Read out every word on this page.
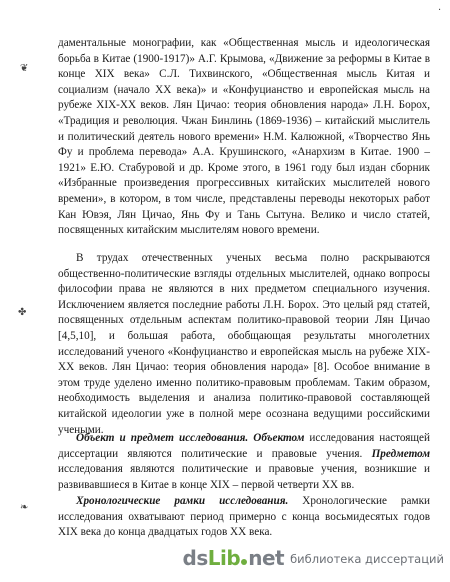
·
❦
✤
❧

даментальные монографии, как «Общественная мысль и идеологическая борьба в Китае (1900-1917)» А.Г. Крымова, «Движение за реформы в Китае в конце XIX века» С.Л. Тихвинского, «Общественная мысль Китая и социализм (начало XX века)» и «Конфуцианство и европейская мысль на рубеже XIX-XX веков. Лян Цичао: теория обновления народа» Л.Н. Борох, «Традиция и революция. Чжан Бинлинь (1869-1936) – китайский мыслитель и политический деятель нового времени» Н.М. Калюжной, «Творчество Янь Фу и проблема перевода» А.А. Крушинского, «Анархизм в Китае. 1900 – 1921» Е.Ю. Стабуровой и др. Кроме этого, в 1961 году был издан сборник «Избранные произведения прогрессивных китайских мыслителей нового времени», в котором, в том числе, представлены переводы некоторых работ Кан Ювэя, Лян Цичао, Янь Фу и Тань Сытуна. Велико и число статей, посвященных китайским мыслителям нового времени.

В трудах отечественных ученых весьма полно раскрываются общественно-политические взгляды отдельных мыслителей, однако вопросы философии права не являются в них предметом специального изучения. Исключением является последние работы Л.Н. Борох. Это целый ряд статей, посвященных отдельным аспектам политико-правовой теории Лян Цичао [4,5,10], и большая работа, обобщающая результаты многолетних исследований ученого «Конфуцианство и европейская мысль на рубеже XIX-XX веков. Лян Цичао: теория обновления народа» [8]. Особое внимание в этом труде уделено именно политико-правовым проблемам. Таким образом, необходимость выделения и анализа политико-правовой составляющей китайской идеологии уже в полной мере осознана ведущими российскими учеными.

Объект и предмет исследования. Объектом исследования настоящей диссертации являются политические и правовые учения. Предметом исследования являются политические и правовые учения, возникшие и развивавшиеся в Китае в конце XIX – первой четверти XX вв.

Хронологические рамки исследования. Хронологические рамки исследования охватывают период примерно с конца восьмидесятых годов XIX века до конца двадцатых годов XX века.

ds Lib net библиотека диссертаций
